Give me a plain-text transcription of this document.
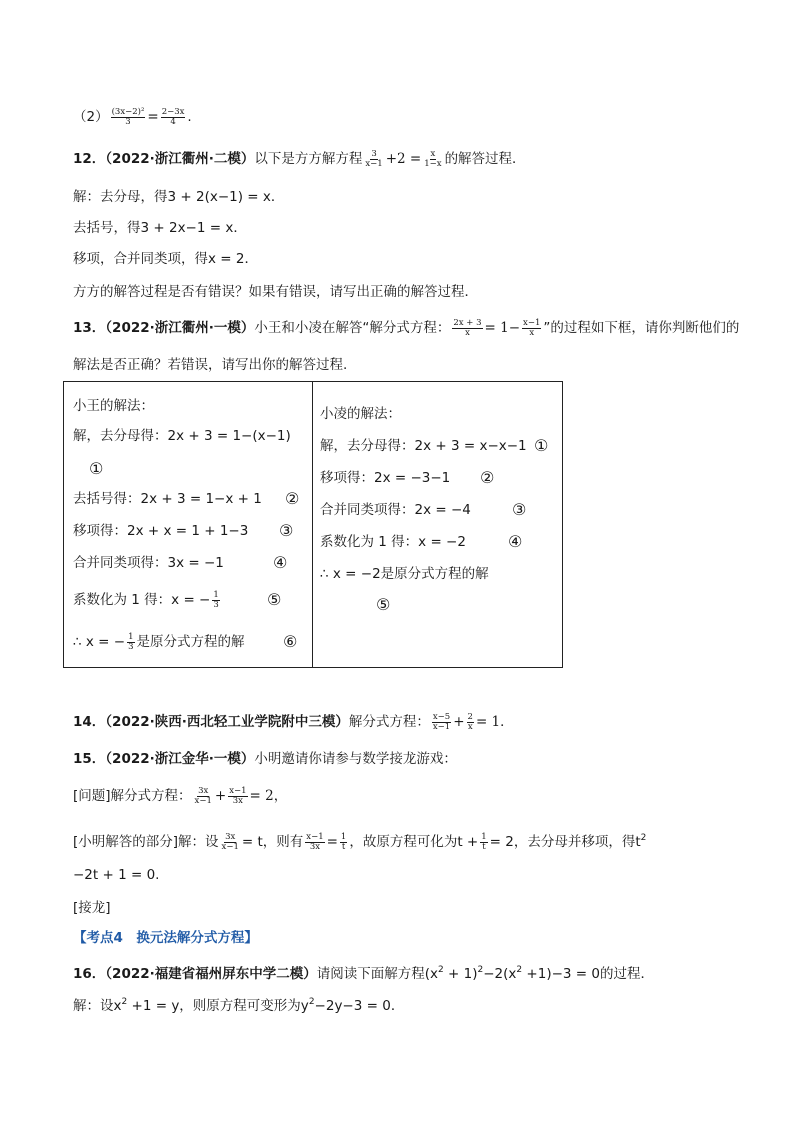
$(2) \frac{\text{(3x−2)²}}{3} = \frac{2-3x}{4}$ .
12．（2022·浙江衢州·二模）以下是方方解方程 $\frac{3}{x-1} +2 = \frac{x}{1-x}$ 的解答过程．
解：去分母，得3 + 2(x−1) = x．
去括号，得3 + 2x−1 = x．
移项，合并同类项，得x = 2．
方方的解答过程是否有错误？如果有错误，请写出正确的解答过程．
13．（2022·浙江衢州·一模）小王和小凌在解答“解分式方程： $\frac{2x + 3}{x} = 1- \frac{x-1}{x}$ ”的过程如下框，请你判断他们的
解法是否正确？若错误，请写出你的解答过程.
小王的解法：
解，去分母得：2x + 3 = 1−(x−1)
①
去括号得：2x + 3 = 1−x + 1 ②
移项得：2x + x = 1 + 1−3 ③
合并同类项得：3x = −1	④
系数化为 1 得：x = − $\frac{1}{3}$	⑤
∴ x = − $\frac{1}{3}$ 是原分式方程的解 ⑥
小凌的解法：
解，去分母得：2x + 3 = x−x−1 ①
移项得：2x = −3−1 ②
合并同类项得：2x = −4	③
系数化为 1 得：x = −2	④
∴ x = −2是原分式方程的解
⑤
14．（2022·陕西·西北轻工业学院附中三模）解分式方程： $\frac{x-5}{x-1} + \frac{2}{x} = 1$．
15．（2022·浙江金华·一模）小明邀请你请参与数学接龙游戏：
[问题]解分式方程： $\frac{3x}{x-1} + \frac{x-1}{3x} = 2$，
[小明解答的部分]解：设 $\frac{3x}{x-1} = t$，则有 $\frac{x-1}{3x} = \frac{1}{t}$ ，故原方程可化为$t + \frac{1}{t} = 2$，去分母并移项，得$t^2$
−2t + 1 = 0.
[接龙]
【考点4　换元法解分式方程】
16．（2022·福建省福州屏东中学二模）请阅读下面解方程$(x^2 + 1)^2-2(x^2 +1)-3 = 0$的过程．
解：设$x^2 +1 = y$，则原方程可变形为$y^2-2y-3 = 0$．
